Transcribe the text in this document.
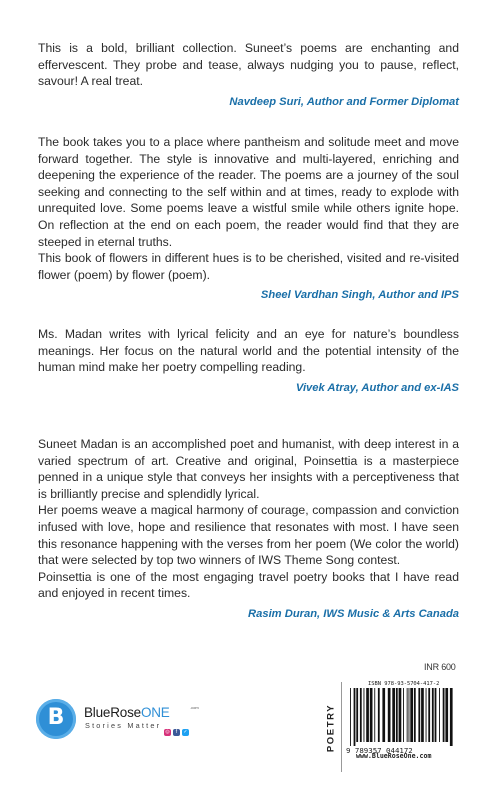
This is a bold, brilliant collection. Suneet’s poems are enchanting and effervescent. They probe and tease, always nudging you to pause, reflect, savour! A real treat.

Navdeep Suri, Author and Former Diplomat

The book takes you to a place where pantheism and solitude meet and move forward together. The style is innovative and multi-layered, enriching and deepening the experience of the reader. The poems are a journey of the soul seeking and connecting to the self within and at times, ready to explode with unrequited love. Some poems leave a wistful smile while others ignite hope. On reflection at the end on each poem, the reader would find that they are steeped in eternal truths.

This book of flowers in different hues is to be cherished, visited and re-visited flower (poem) by flower (poem).

Sheel Vardhan Singh, Author and IPS

Ms. Madan writes with lyrical felicity and an eye for nature’s boundless meanings. Her focus on the natural world and the potential intensity of the human mind make her poetry compelling reading.

Vivek Atray, Author and ex-IAS

Suneet Madan is an accomplished poet and humanist, with deep interest in a varied spectrum of art. Creative and original, Poinsettia is a masterpiece penned in a unique style that conveys her insights with a perceptiveness that is brilliantly precise and splendidly lyrical.

Her poems weave a magical harmony of courage, compassion and conviction infused with love, hope and resilience that resonates with most. I have seen this resonance happening with the verses from her poem (We color the world) that were selected by top two winners of IWS Theme Song contest.

Poinsettia is one of the most engaging travel poetry books that I have read and enjoyed in recent times.

Rasim Duran, IWS Music & Arts Canada
INR 600
POETRY
ISBN 978-93-5704-417-2
9 789357 044172
www.BlueRoseOne.com
B	BlueRoseONE	.com
Stories Matter
◎	f	✓
